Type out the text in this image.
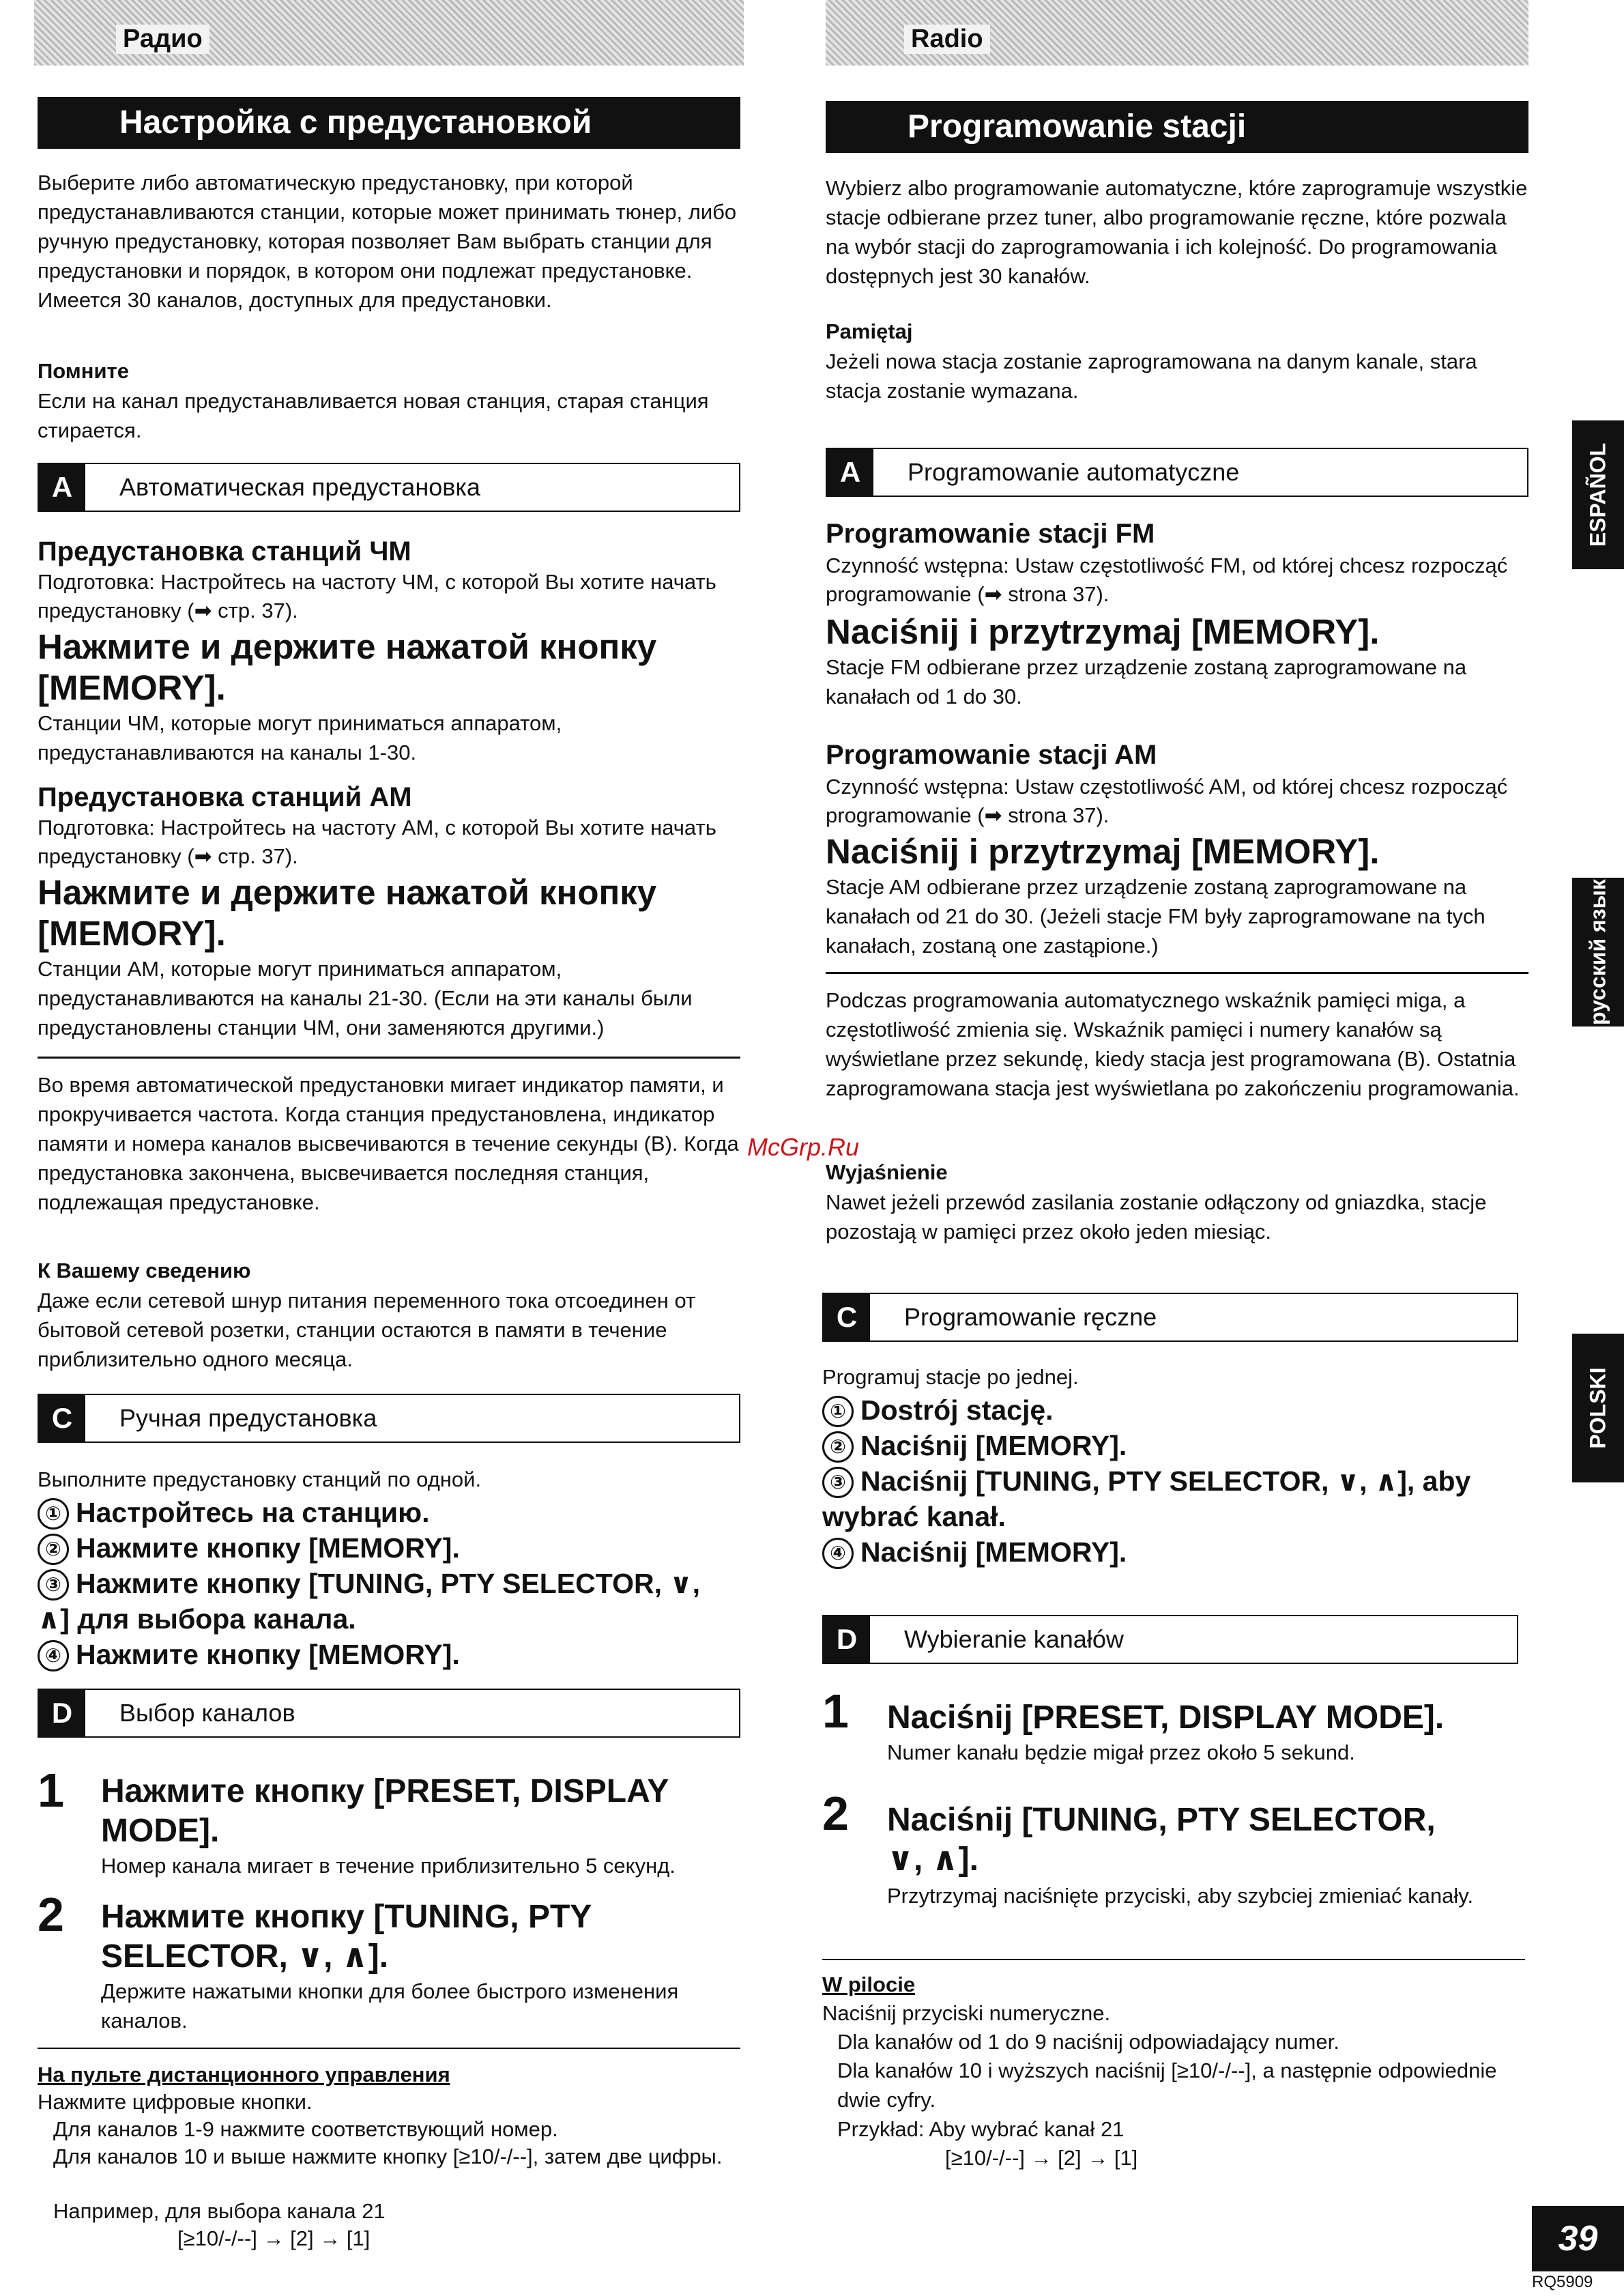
Радио
Настройка с предустановкой

Выберите либо автоматическую предустановку, при которой предустанавливаются станции, которые может принимать тюнер, либо ручную предустановку, которая позволяет Вам выбрать станции для предустановки и порядок, в котором они подлежат предустановке. Имеется 30 каналов, доступных для предустановки.

Помните

Если на канал предустанавливается новая станция, старая станция стирается.

A	Автоматическая предустановка

Предустановка станций ЧМ

Подготовка: Настройтесь на частоту ЧМ, с которой Вы хотите начать предустановку (➡ стр. 37).

Нажмите и держите нажатой кнопку [MEMORY].

Станции ЧМ, которые могут приниматься аппаратом, предустанавливаются на каналы 1-30.

Предустановка станций АМ

Подготовка: Настройтесь на частоту АМ, с которой Вы хотите начать предустановку (➡ стр. 37).

Нажмите и держите нажатой кнопку [MEMORY].

Станции АМ, которые могут приниматься аппаратом, предустанавливаются на каналы 21-30. (Если на эти каналы были предустановлены станции ЧМ, они заменяются другими.)

Во время автоматической предустановки мигает индикатор памяти, и прокручивается частота. Когда станция предустановлена, индикатор памяти и номера каналов высвечиваются в течение секунды (B). Когда предустановка закончена, высвечивается последняя станция, подлежащая предустановке.

К Вашему сведению

Даже если сетевой шнур питания переменного тока отсоединен от бытовой сетевой розетки, станции остаются в памяти в течение приблизительно одного месяца.

C	Ручная предустановка

Выполните предустановку станций по одной.

① Настройтесь на станцию.
② Нажмите кнопку [MEMORY].
③ Нажмите кнопку [TUNING, PTY SELECTOR, ∨, ∧] для выбора канала.
④ Нажмите кнопку [MEMORY].
D	Выбор каналов
1 Нажмите кнопку [PRESET, DISPLAY MODE].

Номер канала мигает в течение приблизительно 5 секунд.

2 Нажмите кнопку [TUNING, PTY SELECTOR, ∨, ∧].

Держите нажатыми кнопки для более быстрого изменения каналов.

На пульте дистанционного управления

Нажмите цифровые кнопки.

Для каналов 1-9 нажмите соответствующий номер.

Для каналов 10 и выше нажмите кнопку [≥10/-/--], затем две цифры.

Например, для выбора канала 21

[≥10/-/--] → [2] → [1]

Radio
Programowanie stacji

Wybierz albo programowanie automatyczne, które zaprogramuje wszystkie stacje odbierane przez tuner, albo programowanie ręczne, które pozwala na wybór stacji do zaprogramowania i ich kolejność. Do programowania dostępnych jest 30 kanałów.

Pamiętaj

Jeżeli nowa stacja zostanie zaprogramowana na danym kanale, stara stacja zostanie wymazana.

A	Programowanie automatyczne

Programowanie stacji FM

Czynność wstępna: Ustaw częstotliwość FM, od której chcesz rozpocząć programowanie (➡ strona 37).

Naciśnij i przytrzymaj [MEMORY].

Stacje FM odbierane przez urządzenie zostaną zaprogramowane na kanałach od 1 do 30.

Programowanie stacji AM

Czynność wstępna: Ustaw częstotliwość AM, od której chcesz rozpocząć programowanie (➡ strona 37).

Naciśnij i przytrzymaj [MEMORY].

Stacje AM odbierane przez urządzenie zostaną zaprogramowane na kanałach od 21 do 30. (Jeżeli stacje FM były zaprogramowane na tych kanałach, zostaną one zastąpione.)

Podczas programowania automatycznego wskaźnik pamięci miga, a częstotliwość zmienia się. Wskaźnik pamięci i numery kanałów są wyświetlane przez sekundę, kiedy stacja jest programowana (B). Ostatnia zaprogramowana stacja jest wyświetlana po zakończeniu programowania.

Wyjaśnienie

Nawet jeżeli przewód zasilania zostanie odłączony od gniazdka, stacje pozostają w pamięci przez około jeden miesiąc.

C	Programowanie ręczne

Programuj stacje po jednej.

① Dostrój stację.
② Naciśnij [MEMORY].
③ Naciśnij [TUNING, PTY SELECTOR, ∨, ∧], aby wybrać kanał.
④ Naciśnij [MEMORY].
D	Wybieranie kanałów
1 Naciśnij [PRESET, DISPLAY MODE].

Numer kanału będzie migał przez około 5 sekund.

2 Naciśnij [TUNING, PTY SELECTOR, ∨, ∧].

Przytrzymaj naciśnięte przyciski, aby szybciej zmieniać kanały.

W pilocie

Naciśnij przyciski numeryczne.

Dla kanałów od 1 do 9 naciśnij odpowiadający numer.

Dla kanałów 10 i wyższych naciśnij [≥10/-/--], a następnie odpowiednie dwie cyfry.

Przykład: Aby wybrać kanał 21

[≥10/-/--] → [2] → [1]

ESPAÑOL
русский язык
POLSKI
McGrp.Ru
39
RQ5909
